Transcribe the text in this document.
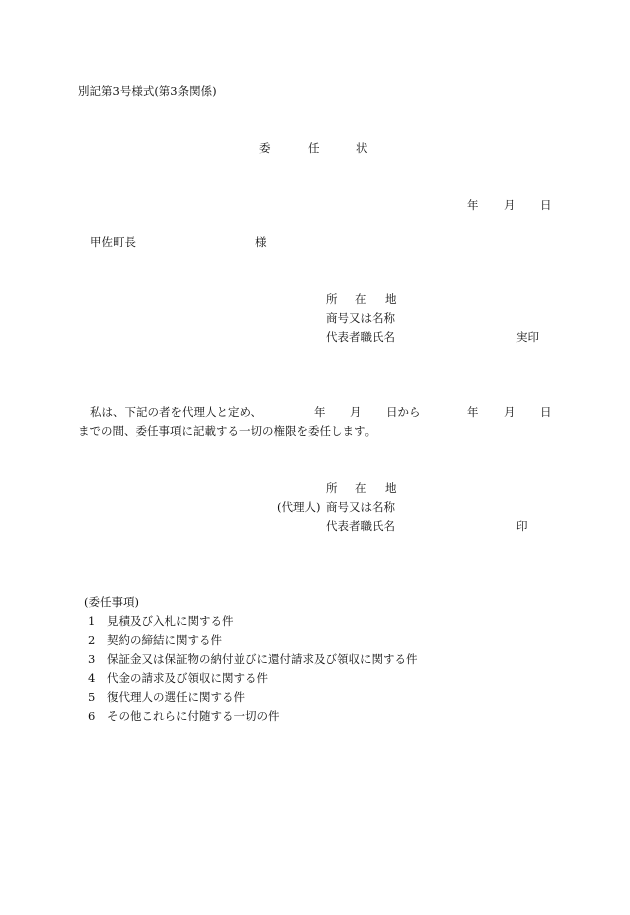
別記第3号様式(第3条関係)
委	任	状
年 月 日
甲佐町長	様
所 在 地
商号又は名称
代表者職氏名	実印
私は、下記の者を代理人と定め、	年 月 日から	年 月 日
までの間、委任事項に記載する一切の権限を委任します。
所 在 地
(代理人) 商号又は名称
代表者職氏名	印
(委任事項)
1 見積及び入札に関する件
2 契約の締結に関する件
3 保証金又は保証物の納付並びに還付請求及び領収に関する件
4 代金の請求及び領収に関する件
5 復代理人の選任に関する件
6 その他これらに付随する一切の件
